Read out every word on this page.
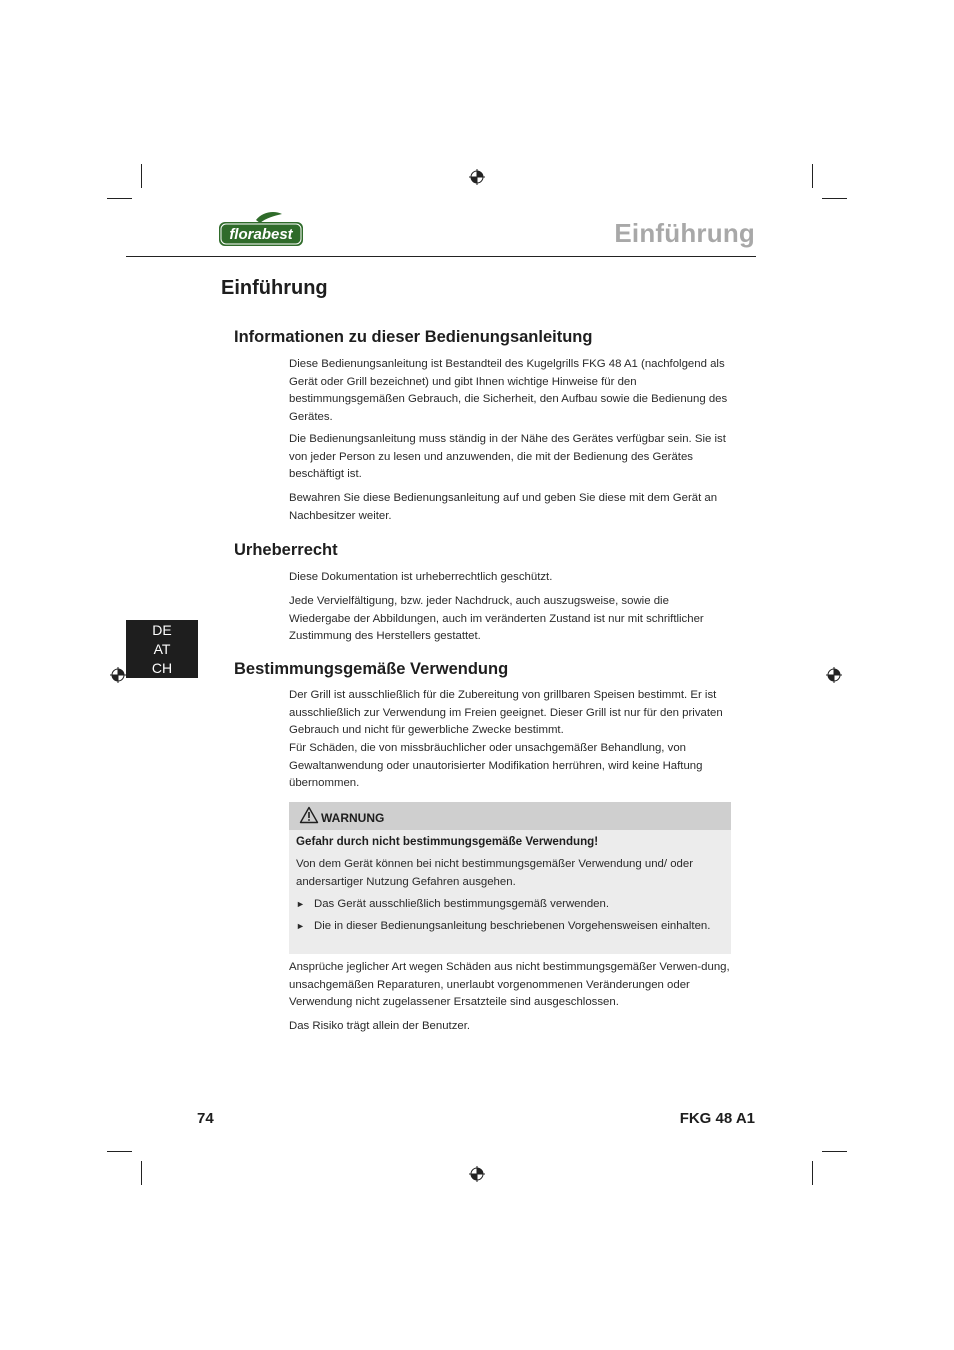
florabest	Einführung
Einführung
Informationen zu dieser Bedienungsanleitung

Diese Bedienungsanleitung ist Bestandteil des Kugelgrills FKG 48 A1 (nachfolgend als Gerät oder Grill bezeichnet) und gibt Ihnen wichtige Hinweise für den bestimmungsgemäßen Gebrauch, die Sicherheit, den Aufbau sowie die Bedienung des Gerätes.

Die Bedienungsanleitung muss ständig in der Nähe des Gerätes verfügbar sein. Sie ist von jeder Person zu lesen und anzuwenden, die mit der Bedienung des Gerätes beschäftigt ist.

Bewahren Sie diese Bedienungsanleitung auf und geben Sie diese mit dem Gerät an Nachbesitzer weiter.

Urheberrecht

Diese Dokumentation ist urheberrechtlich geschützt.

Jede Vervielfältigung, bzw. jeder Nachdruck, auch auszugsweise, sowie die Wiedergabe der Abbildungen, auch im veränderten Zustand ist nur mit schriftlicher Zustimmung des Herstellers gestattet.

DE
AT
CH	Bestimmungsgemäße Verwendung

Der Grill ist ausschließlich für die Zubereitung von grillbaren Speisen bestimmt. Er ist ausschließlich zur Verwendung im Freien geeignet. Dieser Grill ist nur für den privaten Gebrauch und nicht für gewerbliche Zwecke bestimmt.

Für Schäden, die von missbräuchlicher oder unsachgemäßer Behandlung, von Gewaltanwendung oder unautorisierter Modifikation herrühren, wird keine Haftung übernommen.

WARNUNG
Gefahr durch nicht bestimmungsgemäße Verwendung!

Von dem Gerät können bei nicht bestimmungsgemäßer Verwendung und/ oder andersartiger Nutzung Gefahren ausgehen.

► Das Gerät ausschließlich bestimmungsgemäß verwenden.
► Die in dieser Bedienungsanleitung beschriebenen Vorgehensweisen einhalten.

Ansprüche jeglicher Art wegen Schäden aus nicht bestimmungsgemäßer Verwen-dung, unsachgemäßen Reparaturen, unerlaubt vorgenommenen Veränderungen oder Verwendung nicht zugelassener Ersatzteile sind ausgeschlossen.

Das Risiko trägt allein der Benutzer.

74	FKG 48 A1
